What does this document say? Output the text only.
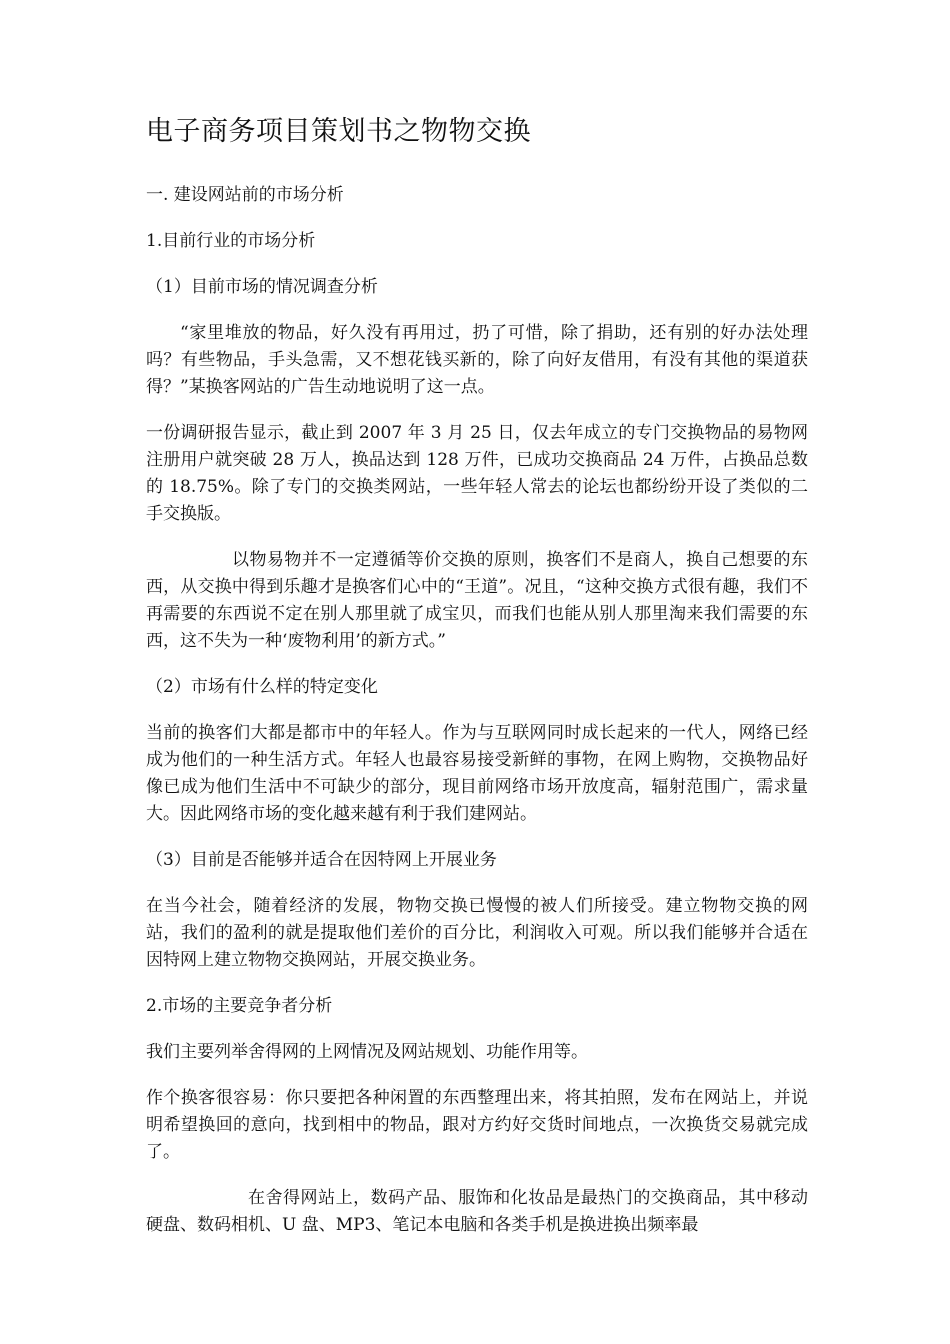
电子商务项目策划书之物物交换
一. 建设网站前的市场分析
1.目前行业的市场分析
（1）目前市场的情况调查分析
“家里堆放的物品，好久没有再用过，扔了可惜，除了捐助，还有别的好办法处理吗？有些物品，手头急需，又不想花钱买新的，除了向好友借用，有没有其他的渠道获得？”某换客网站的广告生动地说明了这一点。
一份调研报告显示，截止到 2007 年 3 月 25 日，仅去年成立的专门交换物品的易物网注册用户就突破 28 万人，换品达到 128 万件，已成功交换商品 24 万件，占换品总数的 18.75%。除了专门的交换类网站，一些年轻人常去的论坛也都纷纷开设了类似的二手交换版。
以物易物并不一定遵循等价交换的原则，换客们不是商人，换自己想要的东西，从交换中得到乐趣才是换客们心中的“王道”。况且，“这种交换方式很有趣，我们不再需要的东西说不定在别人那里就了成宝贝，而我们也能从别人那里淘来我们需要的东西，这不失为一种‘废物利用’的新方式。”
（2）市场有什么样的特定变化
当前的换客们大都是都市中的年轻人。作为与互联网同时成长起来的一代人，网络已经成为他们的一种生活方式。年轻人也最容易接受新鲜的事物，在网上购物，交换物品好像已成为他们生活中不可缺少的部分，现目前网络市场开放度高，辐射范围广，需求量大。因此网络市场的变化越来越有利于我们建网站。
（3）目前是否能够并适合在因特网上开展业务
在当今社会，随着经济的发展，物物交换已慢慢的被人们所接受。建立物物交换的网站，我们的盈利的就是提取他们差价的百分比，利润收入可观。所以我们能够并合适在因特网上建立物物交换网站，开展交换业务。
2.市场的主要竞争者分析
我们主要列举舍得网的上网情况及网站规划、功能作用等。
作个换客很容易：你只要把各种闲置的东西整理出来，将其拍照，发布在网站上，并说明希望换回的意向，找到相中的物品，跟对方约好交货时间地点，一次换货交易就完成了。
在舍得网站上，数码产品、服饰和化妆品是最热门的交换商品，其中移动硬盘、数码相机、U 盘、MP3、笔记本电脑和各类手机是换进换出频率最
